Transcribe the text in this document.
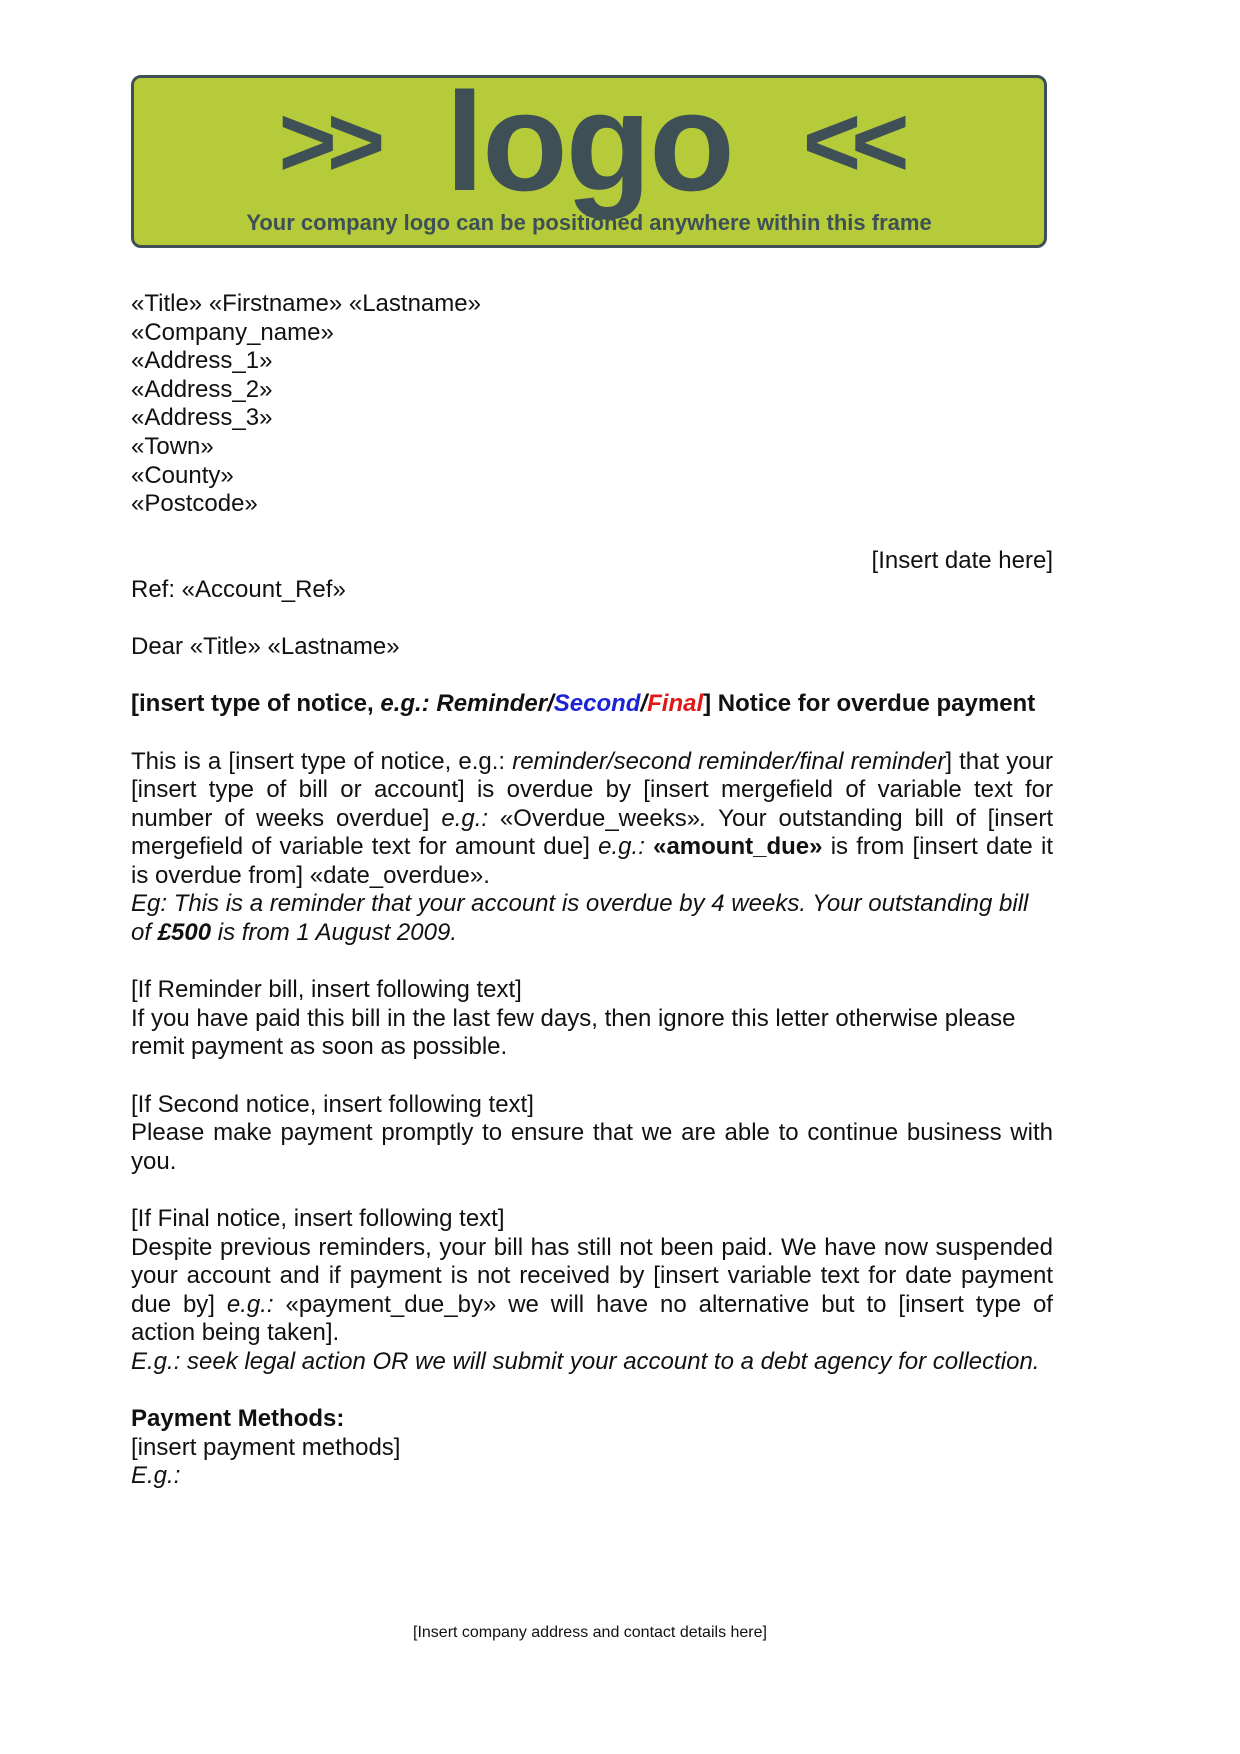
>> logo <<
Your company logo can be positioned anywhere within this frame
«Title» «Firstname» «Lastname»
«Company_name»
«Address_1»
«Address_2»
«Address_3»
«Town»
«County»
«Postcode»
[Insert date here]
Ref: «Account_Ref»
Dear «Title» «Lastname»
[insert type of notice, e.g.: Reminder/Second/Final] Notice for overdue payment
This is a [insert type of notice, e.g.: reminder/second reminder/final reminder] that your [insert type of bill or account] is overdue by [insert mergefield of variable text for number of weeks overdue] e.g.: «Overdue_weeks». Your outstanding bill of [insert mergefield of variable text for amount due] e.g.: «amount_due» is from [insert date it is overdue from] «date_overdue».
Eg: This is a reminder that your account is overdue by 4 weeks. Your outstanding bill of £500 is from 1 August 2009.
[If Reminder bill, insert following text]
If you have paid this bill in the last few days, then ignore this letter otherwise please remit payment as soon as possible.
[If Second notice, insert following text]
Please make payment promptly to ensure that we are able to continue business with you.
[If Final notice, insert following text]
Despite previous reminders, your bill has still not been paid. We have now suspended your account and if payment is not received by [insert variable text for date payment due by] e.g.: «payment_due_by» we will have no alternative but to [insert type of action being taken].
E.g.: seek legal action OR we will submit your account to a debt agency for collection.
Payment Methods:
[insert payment methods]
E.g.:
[Insert company address and contact details here]
